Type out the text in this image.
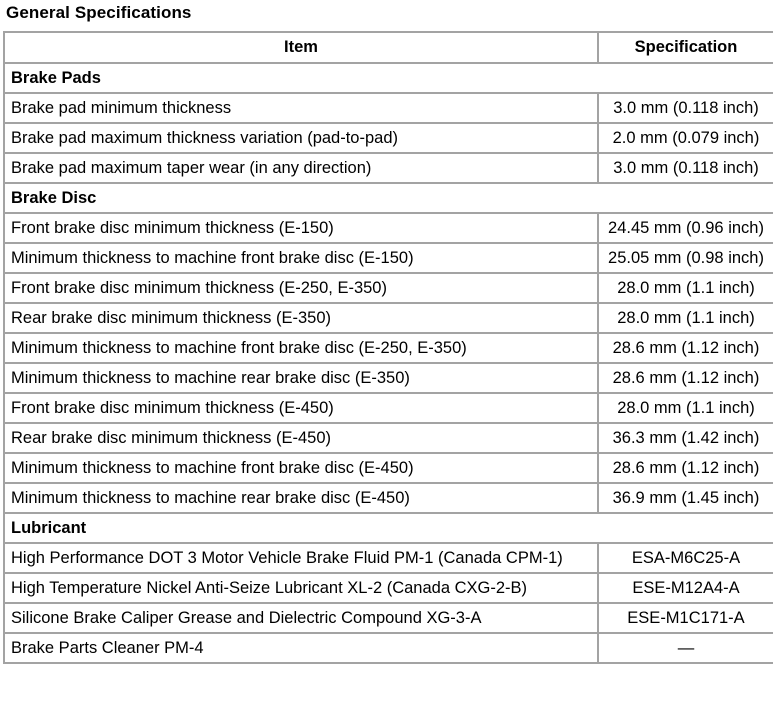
General Specifications
Item	Specification
Brake Pads	
Brake pad minimum thickness	3.0 mm (0.118 inch)
Brake pad maximum thickness variation (pad-to-pad)	2.0 mm (0.079 inch)
Brake pad maximum taper wear (in any direction)	3.0 mm (0.118 inch)
Brake Disc	
Front brake disc minimum thickness (E-150)	24.45 mm (0.96 inch)
Minimum thickness to machine front brake disc (E-150)	25.05 mm (0.98 inch)
Front brake disc minimum thickness (E-250, E-350)	28.0 mm (1.1 inch)
Rear brake disc minimum thickness (E-350)	28.0 mm (1.1 inch)
Minimum thickness to machine front brake disc (E-250, E-350)	28.6 mm (1.12 inch)
Minimum thickness to machine rear brake disc (E-350)	28.6 mm (1.12 inch)
Front brake disc minimum thickness (E-450)	28.0 mm (1.1 inch)
Rear brake disc minimum thickness (E-450)	36.3 mm (1.42 inch)
Minimum thickness to machine front brake disc (E-450)	28.6 mm (1.12 inch)
Minimum thickness to machine rear brake disc (E-450)	36.9 mm (1.45 inch)
Lubricant	
High Performance DOT 3 Motor Vehicle Brake Fluid PM-1 (Canada CPM-1)	ESA-M6C25-A
High Temperature Nickel Anti-Seize Lubricant XL-2 (Canada CXG-2-B)	ESE-M12A4-A
Silicone Brake Caliper Grease and Dielectric Compound XG-3-A	ESE-M1C171-A
Brake Parts Cleaner PM-4	—
